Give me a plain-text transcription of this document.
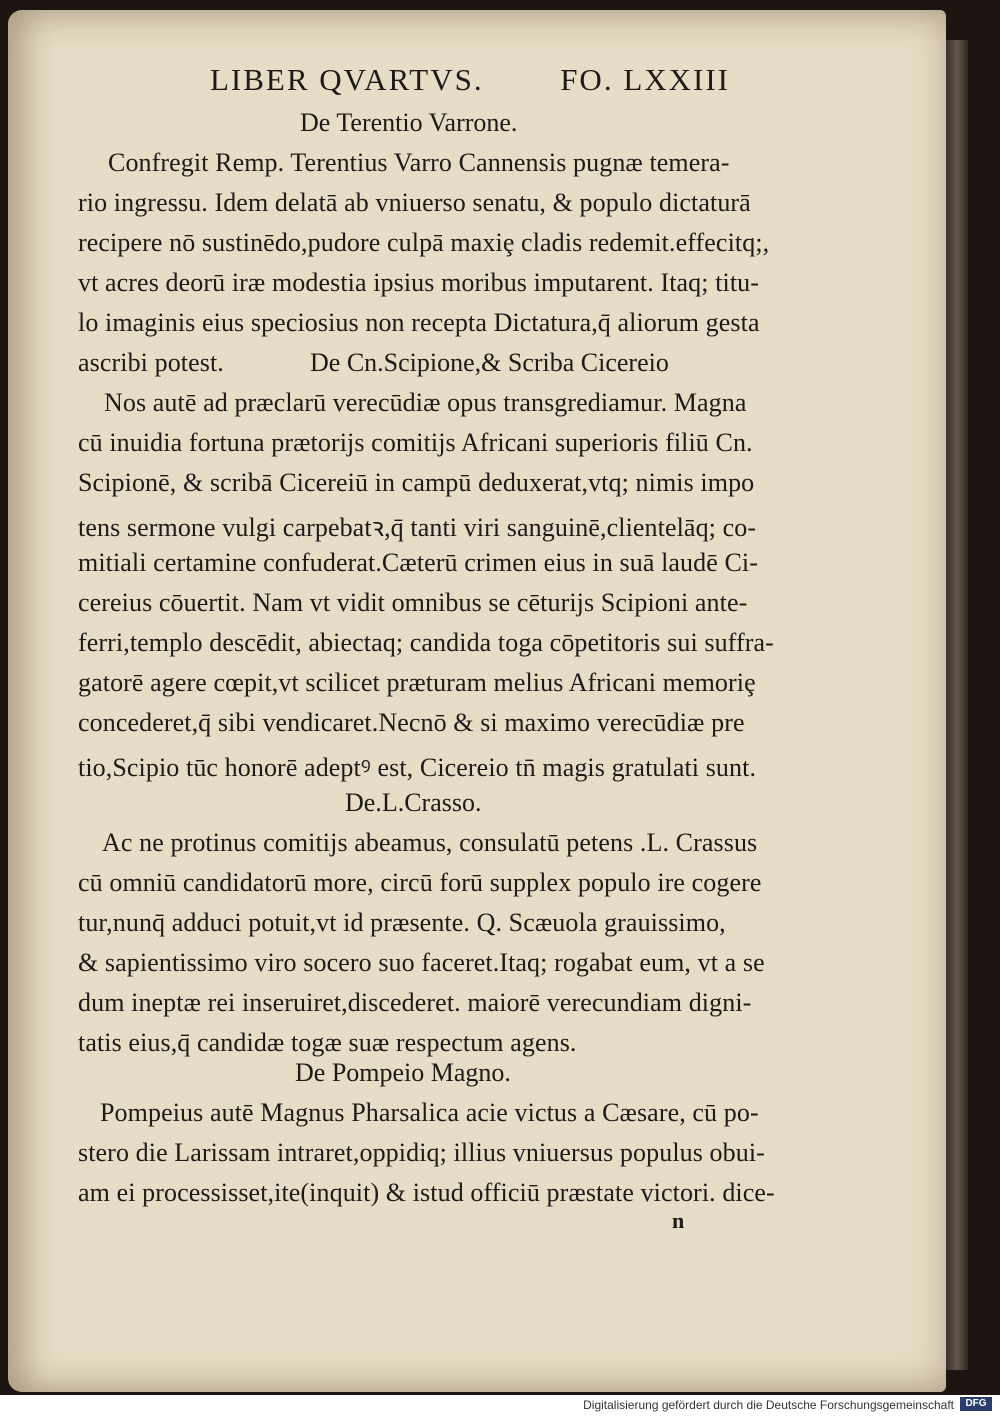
LIBER QVARTVS. FO. LXXIII
De Terentio Varrone.
Confregit Remp. Terentius Varro Cannensis pugnæ temera-
rio ingressu. Idem delatā ab vniuerso senatu, & populo dictaturā
recipere nō sustinēdo,pudore culpā maxiȩ cladis redemit.effecitq;,
vt acres deorū iræ modestia ipsius moribus imputarent. Itaq; titu-
lo imaginis eius speciosius non recepta Dictatura,q̄ aliorum gesta
ascribi potest.	De Cn.Scipione,& Scriba Cicereio
Nos autē ad præclarū verecūdiæ opus transgrediamur. Magna
cū inuidia fortuna prætorijs comitijs Africani superioris filiū Cn.
Scipionē, & scribā Cicereiū in campū deduxerat,vtq; nimis impo
tens sermone vulgi carpebatꝛ,q̄ tanti viri sanguinē,clientelāq; co-
mitiali certamine confuderat.Cæterū crimen eius in suā laudē Ci-
cereius cōuertit. Nam vt vidit omnibus se cēturijs Scipioni ante-
ferri,templo descēdit, abiectaq; candida toga cōpetitoris sui suffra-
gatorē agere cœpit,vt scilicet præturam melius Africani memoriȩ
concederet,q̄ sibi vendicaret.Necnō & si maximo verecūdiæ pre
tio,Scipio tūc honorē adeptꝰ est, Cicereio tn̄ magis gratulati sunt.
De.L.Crasso.
Ac ne protinus comitijs abeamus, consulatū petens .L. Crassus
cū omniū candidatorū more, circū forū supplex populo ire cogere
tur,nunq̄ adduci potuit,vt id præsente. Q. Scæuola grauissimo,
& sapientissimo viro socero suo faceret.Itaq; rogabat eum, vt a se
dum ineptæ rei inseruiret,discederet. maiorē verecundiam digni-
tatis eius,q̄ candidæ togæ suæ respectum agens.
De Pompeio Magno.
Pompeius autē Magnus Pharsalica acie victus a Cæsare, cū po-
stero die Larissam intraret,oppidiq; illius vniuersus populus obui-
am ei processisset,ite(inquit) & istud officiū præstate victori. dice-
n
Digitalisierung gefördert durch die Deutsche Forschungsgemeinschaft	DFG
